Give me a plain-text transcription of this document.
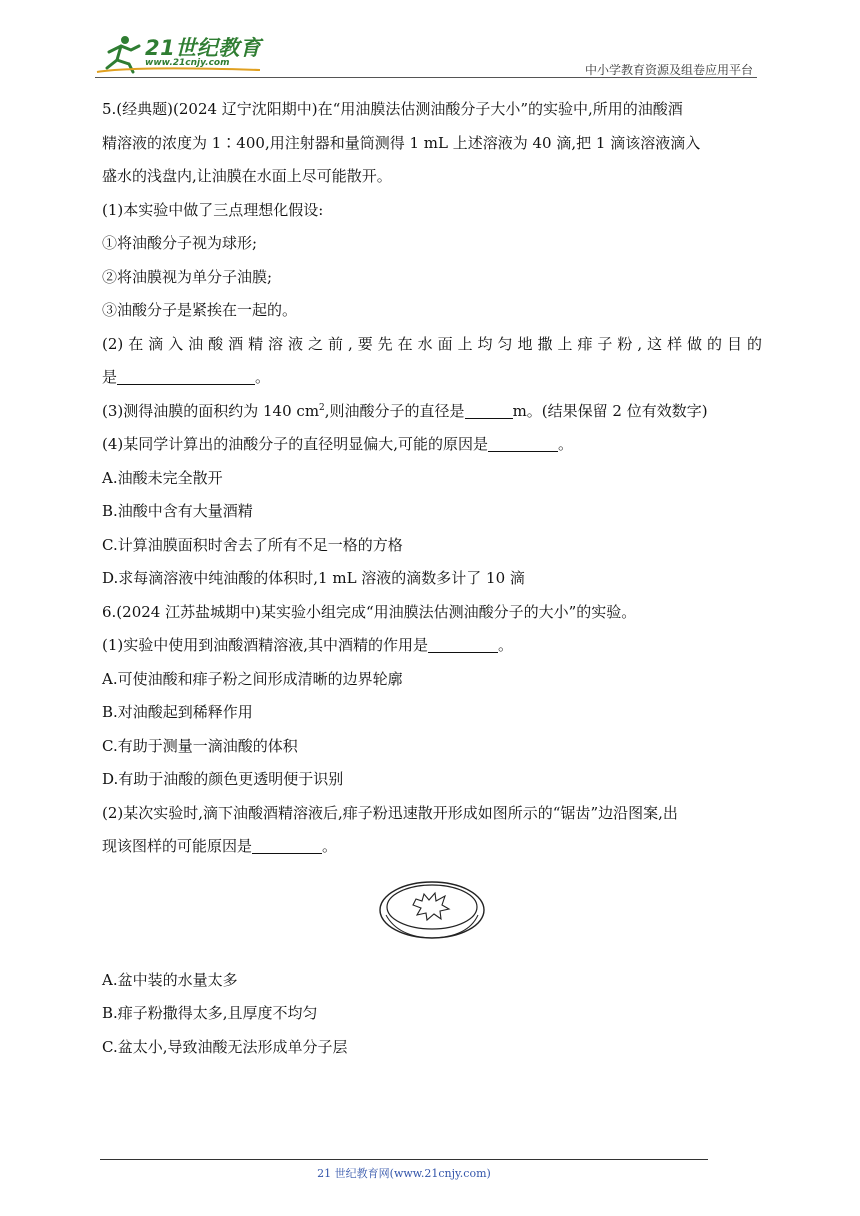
21世纪教育
www.21cnjy.com	中小学教育资源及组卷应用平台

5.(经典题)(2024 辽宁沈阳期中)在“用油膜法估测油酸分子大小”的实验中,所用的油酸酒

精溶液的浓度为 1∶400,用注射器和量筒测得 1 mL 上述溶液为 40 滴,把 1 滴该溶液滴入

盛水的浅盘内,让油膜在水面上尽可能散开。

(1)本实验中做了三点理想化假设:

①将油酸分子视为球形;

②将油膜视为单分子油膜;

③油酸分子是紧挨在一起的。

(2)在滴入油酸酒精溶液之前,要先在水面上均匀地撒上痱子粉,这样做的目的

是	。

(3)测得油膜的面积约为 140 $cm^2$,则油酸分子的直径是	m。(结果保留 2 位有效数字)

(4)某同学计算出的油酸分子的直径明显偏大,可能的原因是	。

A.油酸未完全散开

B.油酸中含有大量酒精

C.计算油膜面积时舍去了所有不足一格的方格

D.求每滴溶液中纯油酸的体积时,1 mL 溶液的滴数多计了 10 滴

6.(2024 江苏盐城期中)某实验小组完成“用油膜法估测油酸分子的大小”的实验。

(1)实验中使用到油酸酒精溶液,其中酒精的作用是	。

A.可使油酸和痱子粉之间形成清晰的边界轮廓

B.对油酸起到稀释作用

C.有助于测量一滴油酸的体积

D.有助于油酸的颜色更透明便于识别

(2)某次实验时,滴下油酸酒精溶液后,痱子粉迅速散开形成如图所示的“锯齿”边沿图案,出

现该图样的可能原因是	。

A.盆中装的水量太多

B.痱子粉撒得太多,且厚度不均匀

C.盆太小,导致油酸无法形成单分子层

21 世纪教育网(www.21cnjy.com)
